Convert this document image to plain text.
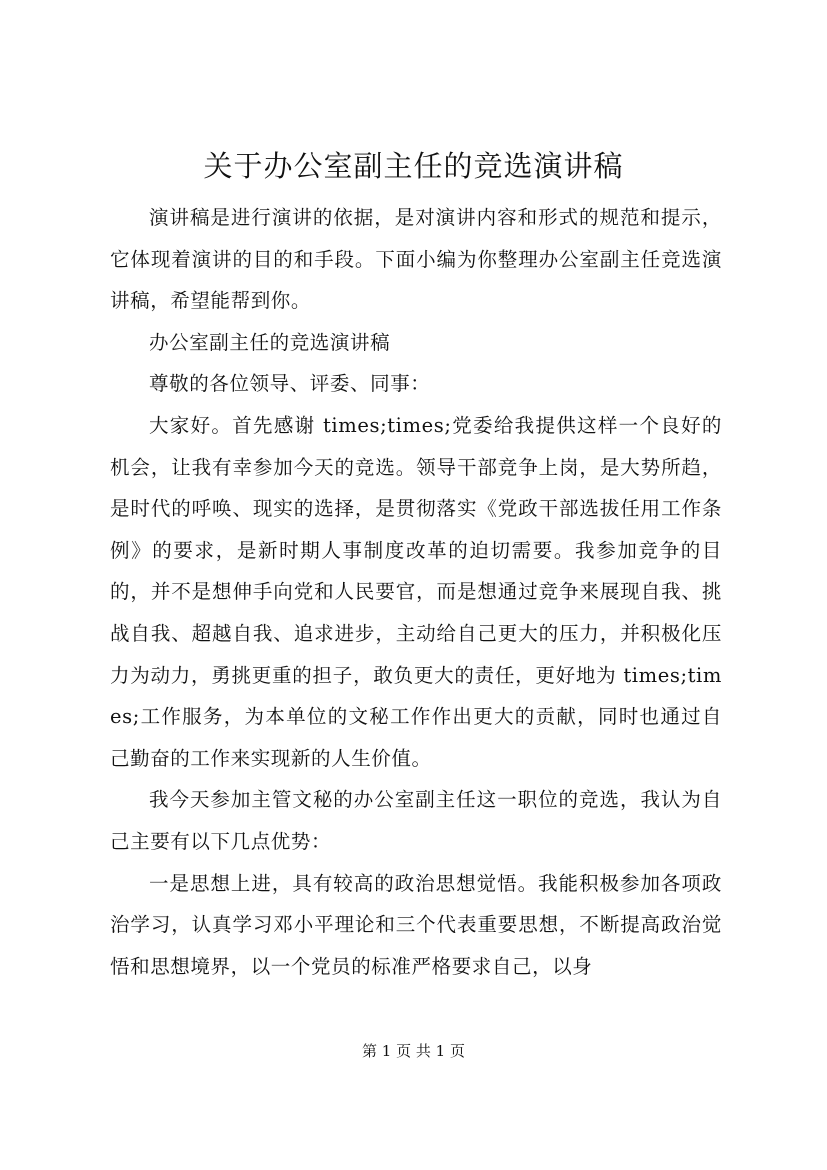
关于办公室副主任的竞选演讲稿

演讲稿是进行演讲的依据，是对演讲内容和形式的规范和提示，它体现着演讲的目的和手段。下面小编为你整理办公室副主任竞选演讲稿，希望能帮到你。

办公室副主任的竞选演讲稿

尊敬的各位领导、评委、同事：

大家好。首先感谢 times;times;党委给我提供这样一个良好的机会，让我有幸参加今天的竞选。领导干部竞争上岗，是大势所趋，是时代的呼唤、现实的选择，是贯彻落实《党政干部选拔任用工作条例》的要求，是新时期人事制度改革的迫切需要。我参加竞争的目的，并不是想伸手向党和人民要官，而是想通过竞争来展现自我、挑战自我、超越自我、追求进步，主动给自己更大的压力，并积极化压力为动力，勇挑更重的担子，敢负更大的责任，更好地为 times;times;工作服务，为本单位的文秘工作作出更大的贡献，同时也通过自己勤奋的工作来实现新的人生价值。

我今天参加主管文秘的办公室副主任这一职位的竞选，我认为自己主要有以下几点优势：

一是思想上进，具有较高的政治思想觉悟。我能积极参加各项政治学习，认真学习邓小平理论和三个代表重要思想，不断提高政治觉悟和思想境界，以一个党员的标准严格要求自己，以身

第 1 页 共 1 页
